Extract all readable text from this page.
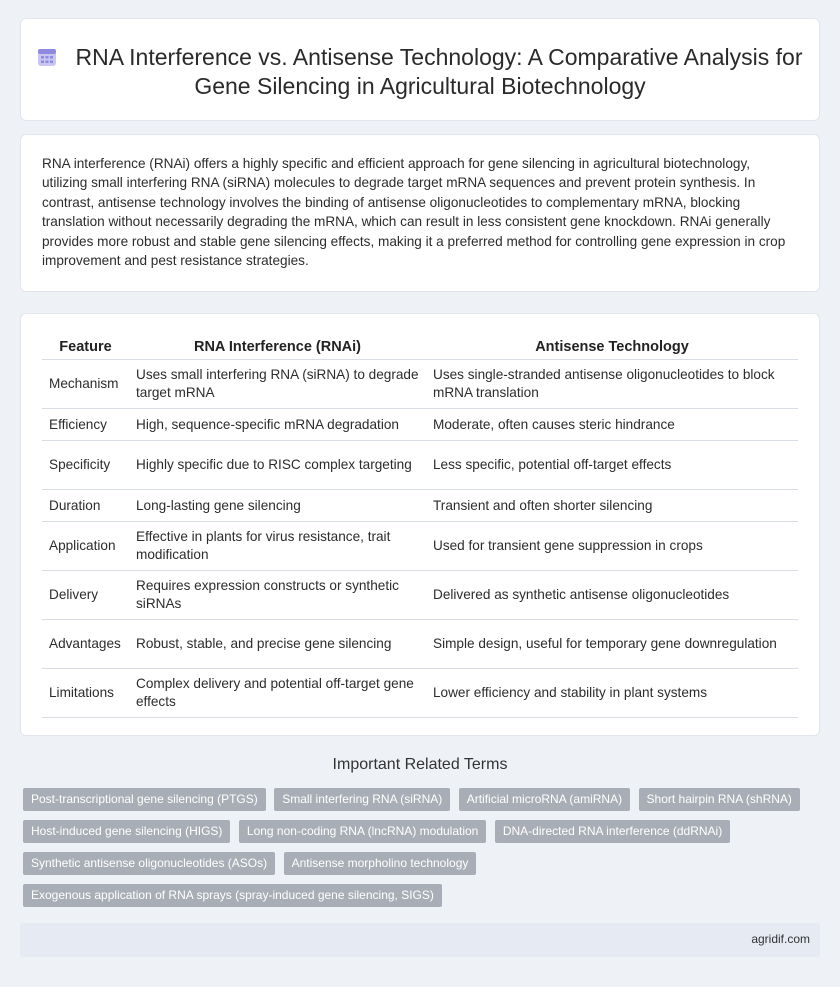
RNA Interference vs. Antisense Technology: A Comparative Analysis for Gene Silencing in Agricultural Biotechnology
RNA interference (RNAi) offers a highly specific and efficient approach for gene silencing in agricultural biotechnology, utilizing small interfering RNA (siRNA) molecules to degrade target mRNA sequences and prevent protein synthesis. In contrast, antisense technology involves the binding of antisense oligonucleotides to complementary mRNA, blocking translation without necessarily degrading the mRNA, which can result in less consistent gene knockdown. RNAi generally provides more robust and stable gene silencing effects, making it a preferred method for controlling gene expression in crop improvement and pest resistance strategies.
Feature	RNA Interference (RNAi)	Antisense Technology
Mechanism	Uses small interfering RNA (siRNA) to degrade target mRNA	Uses single-stranded antisense oligonucleotides to block mRNA translation
Efficiency	High, sequence-specific mRNA degradation	Moderate, often causes steric hindrance
Specificity	Highly specific due to RISC complex targeting	Less specific, potential off-target effects
Duration	Long-lasting gene silencing	Transient and often shorter silencing
Application	Effective in plants for virus resistance, trait modification	Used for transient gene suppression in crops
Delivery	Requires expression constructs or synthetic siRNAs	Delivered as synthetic antisense oligonucleotides
Advantages	Robust, stable, and precise gene silencing	Simple design, useful for temporary gene downregulation
Limitations	Complex delivery and potential off-target gene effects	Lower efficiency and stability in plant systems
Important Related Terms
Post-transcriptional gene silencing (PTGS) Small interfering RNA (siRNA) Artificial microRNA (amiRNA) Short hairpin RNA (shRNA)
Host-induced gene silencing (HIGS) Long non-coding RNA (lncRNA) modulation DNA-directed RNA interference (ddRNAi)
Synthetic antisense oligonucleotides (ASOs) Antisense morpholino technology
Exogenous application of RNA sprays (spray-induced gene silencing, SIGS)
agridif.com
